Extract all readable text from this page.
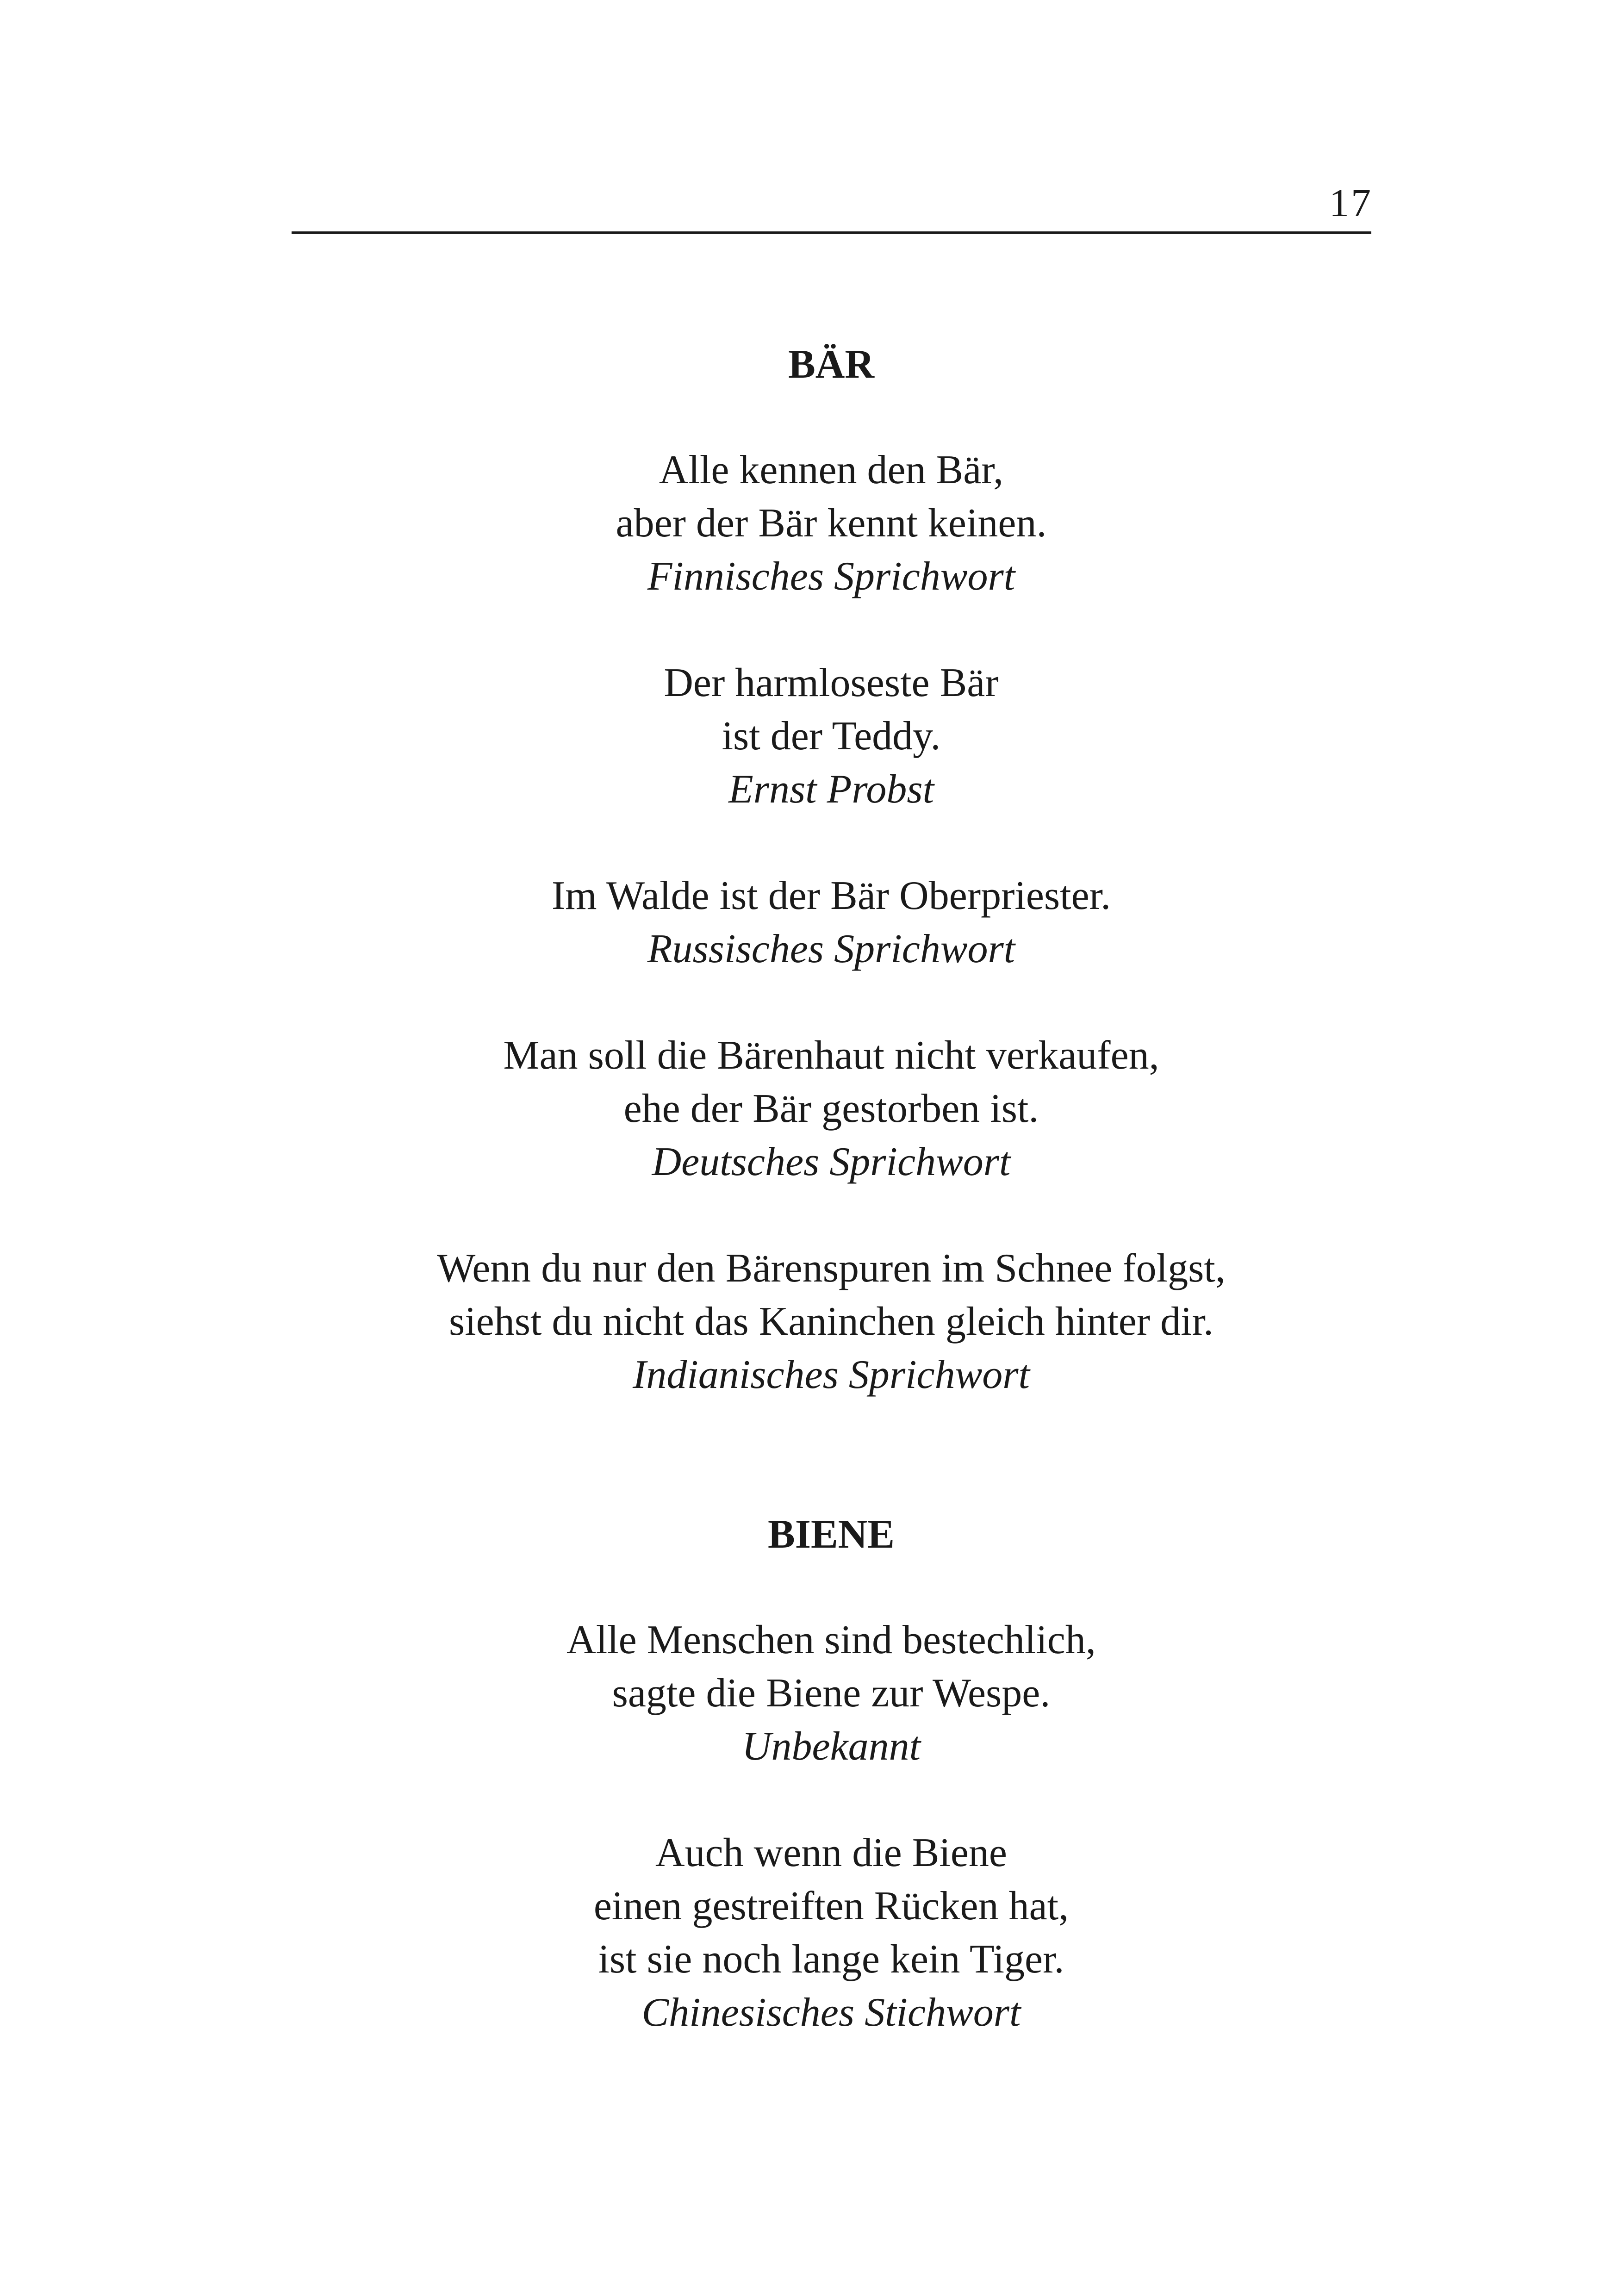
17
BÄR
Alle kennen den Bär,
aber der Bär kennt keinen.
Finnisches Sprichwort
Der harmloseste Bär
ist der Teddy.
Ernst Probst
Im Walde ist der Bär Oberpriester.
Russisches Sprichwort
Man soll die Bärenhaut nicht verkaufen,
ehe der Bär gestorben ist.
Deutsches Sprichwort
Wenn du nur den Bärenspuren im Schnee folgst,
siehst du nicht das Kaninchen gleich hinter dir.
Indianisches Sprichwort
BIENE
Alle Menschen sind bestechlich,
sagte die Biene zur Wespe.
Unbekannt
Auch wenn die Biene
einen gestreiften Rücken hat,
ist sie noch lange kein Tiger.
Chinesisches Stichwort
